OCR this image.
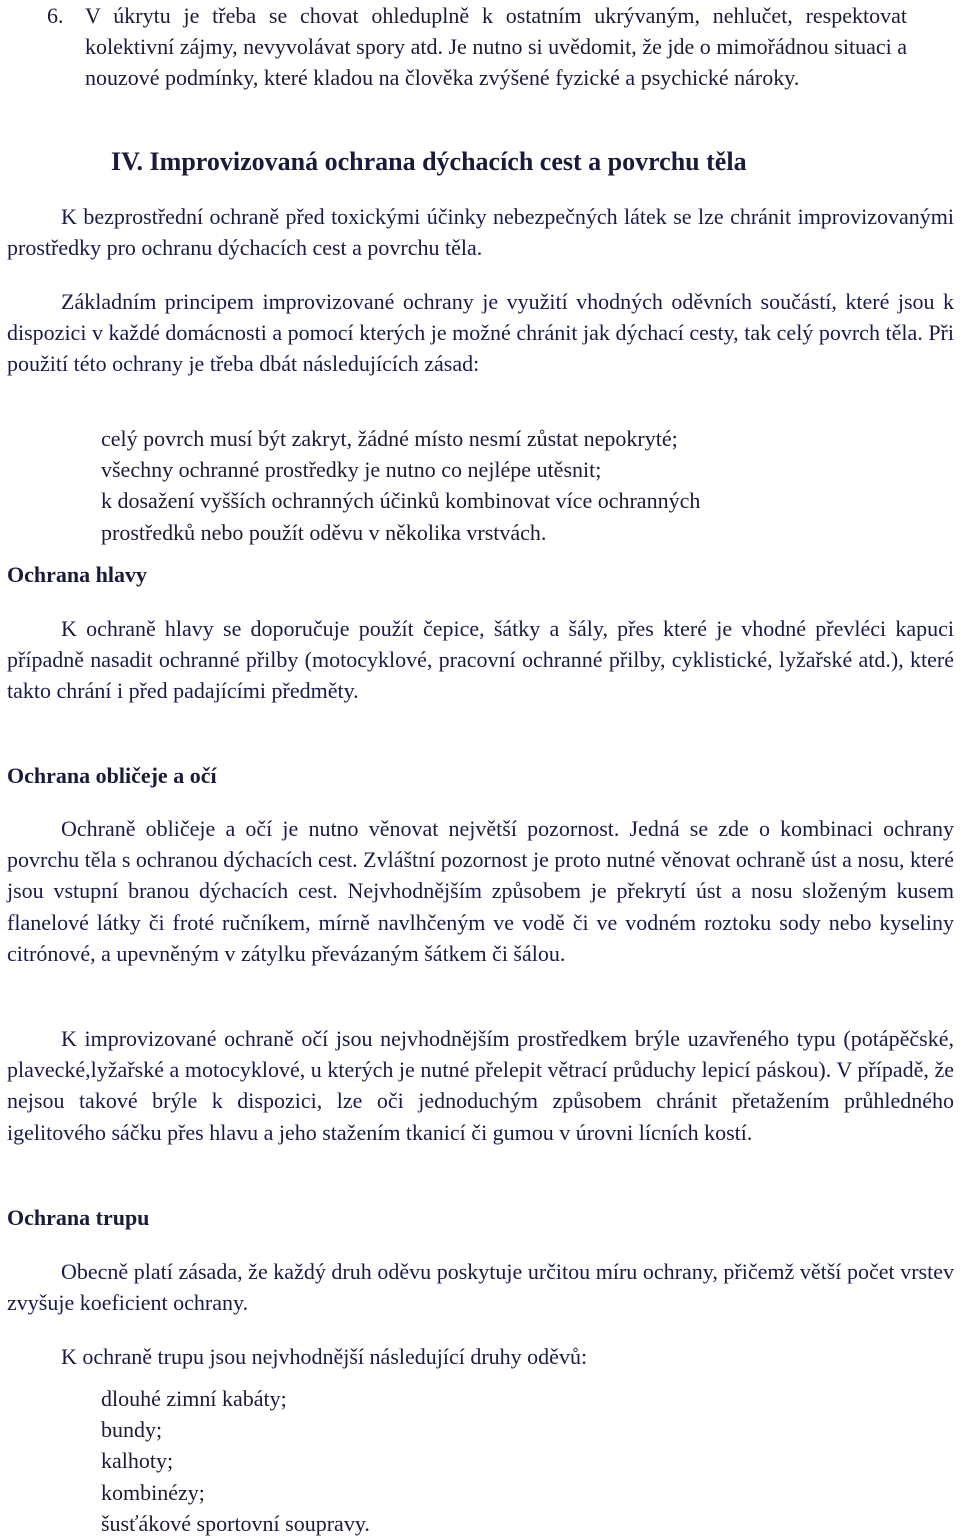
6. V úkrytu je třeba se chovat ohleduplně k ostatním ukrývaným, nehlučet, respektovat kolektivní zájmy, nevyvolávat spory atd. Je nutno si uvědomit, že jde o mimořádnou situaci a nouzové podmínky, které kladou na člověka zvýšené fyzické a psychické nároky.
IV. Improvizovaná ochrana dýchacích cest a povrchu těla

K bezprostřední ochraně před toxickými účinky nebezpečných látek se lze chránit improvizovanými prostředky pro ochranu dýchacích cest a povrchu těla.

Základním principem improvizované ochrany je využití vhodných oděvních součástí, které jsou k dispozici v každé domácnosti a pomocí kterých je možné chránit jak dýchací cesty, tak celý povrch těla. Při použití této ochrany je třeba dbát následujících zásad:

celý povrch musí být zakryt, žádné místo nesmí zůstat nepokryté;
všechny ochranné prostředky je nutno co nejlépe utěsnit;
k dosažení vyšších ochranných účinků kombinovat více ochranných
prostředků nebo použít oděvu v několika vrstvách.
Ochrana hlavy

K ochraně hlavy se doporučuje použít čepice, šátky a šály, přes které je vhodné převléci kapuci případně nasadit ochranné přilby (motocyklové, pracovní ochranné přilby, cyklistické, lyžařské atd.), které takto chrání i před padajícími předměty.

Ochrana obličeje a očí

Ochraně obličeje a očí je nutno věnovat největší pozornost. Jedná se zde o kombinaci ochrany povrchu těla s ochranou dýchacích cest. Zvláštní pozornost je proto nutné věnovat ochraně úst a nosu, které jsou vstupní branou dýchacích cest. Nejvhodnějším způsobem je překrytí úst a nosu složeným kusem flanelové látky či froté ručníkem, mírně navlhčeným ve vodě či ve vodném roztoku sody nebo kyseliny citrónové, a upevněným v zátylku převázaným šátkem či šálou.

K improvizované ochraně očí jsou nejvhodnějším prostředkem brýle uzavřeného typu (potápěčské, plavecké,lyžařské a motocyklové, u kterých je nutné přelepit větrací průduchy lepicí páskou). V případě, že nejsou takové brýle k dispozici, lze oči jednoduchým způsobem chránit přetažením průhledného igelitového sáčku přes hlavu a jeho stažením tkanicí či gumou v úrovni lícních kostí.

Ochrana trupu

Obecně platí zásada, že každý druh oděvu poskytuje určitou míru ochrany, přičemž větší počet vrstev zvyšuje koeficient ochrany.

K ochraně trupu jsou nejvhodnější následující druhy oděvů:

dlouhé zimní kabáty;
bundy;
kalhoty;
kombinézy;
šusťákové sportovní soupravy.
